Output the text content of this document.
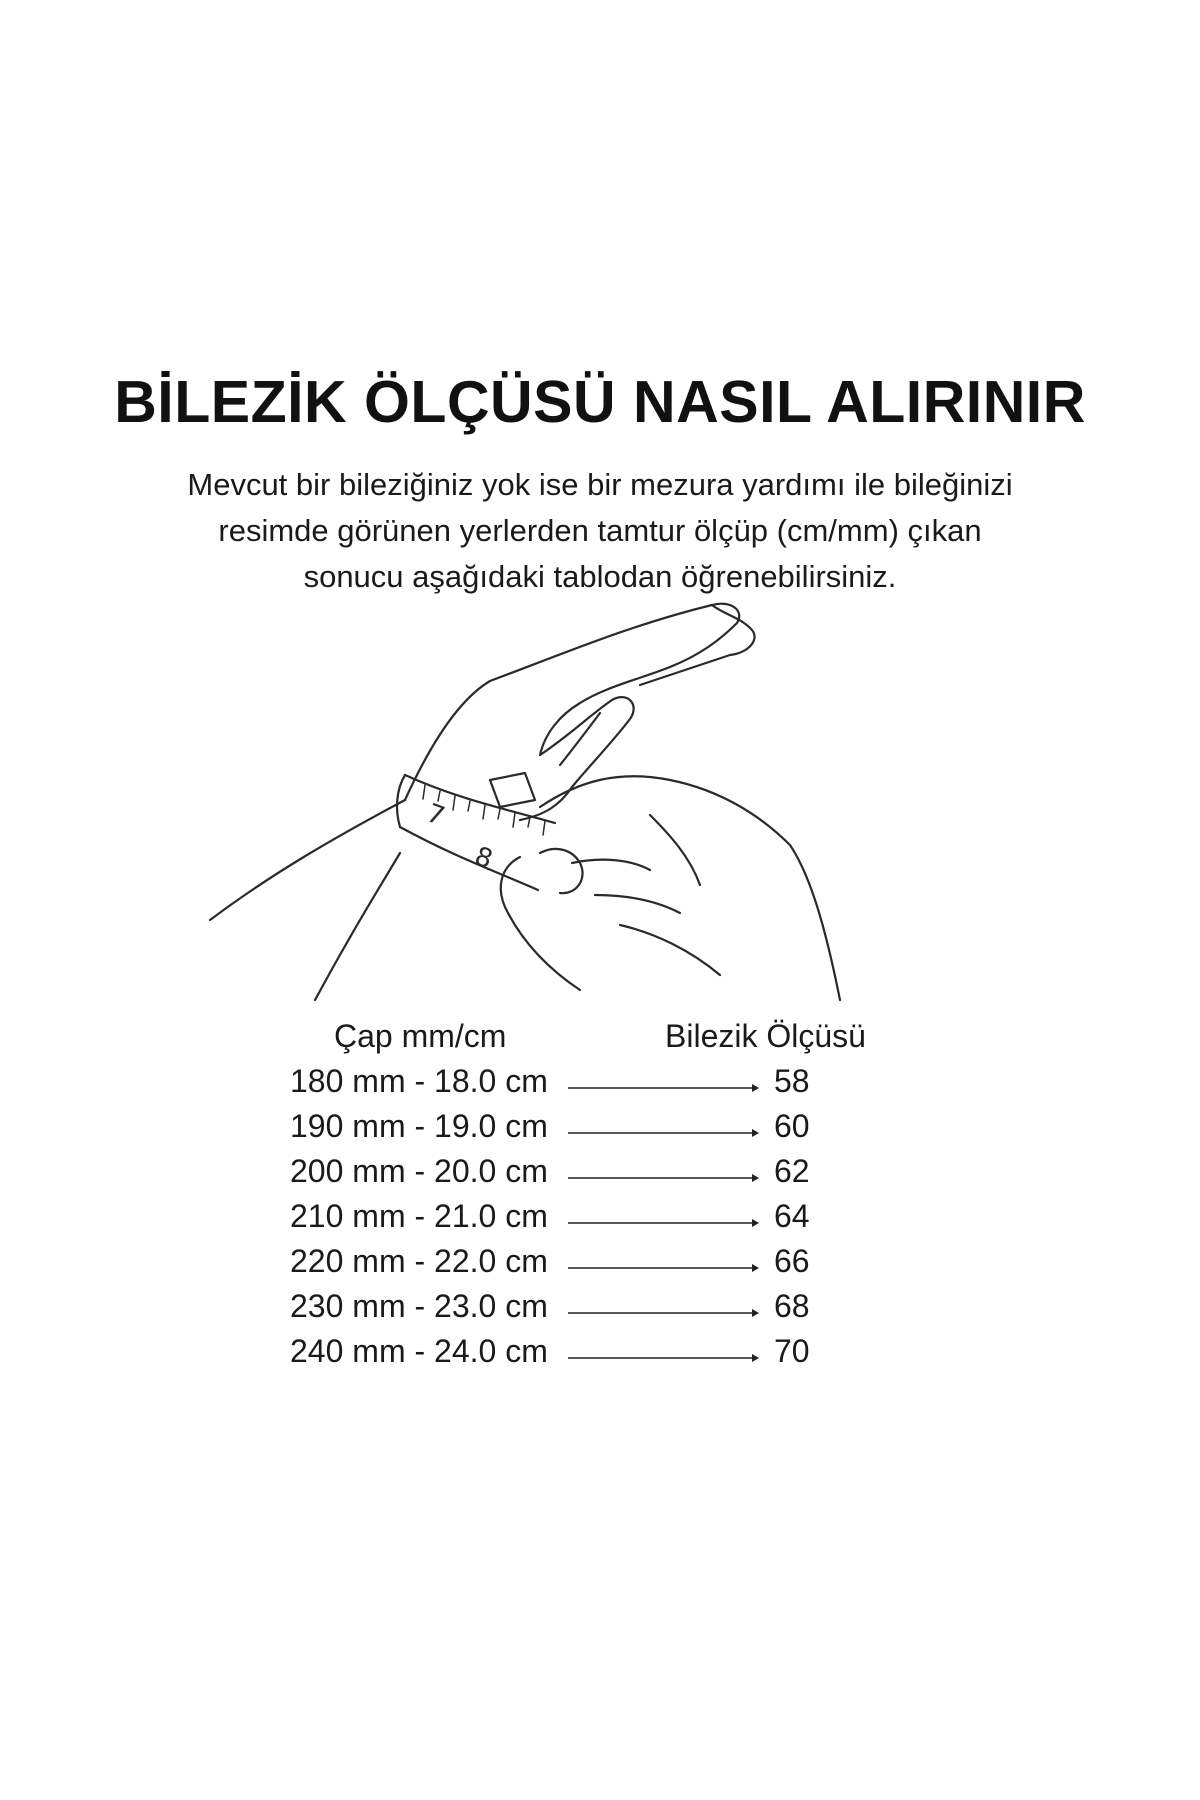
BİLEZİK ÖLÇÜSÜ NASIL ALIRINIR
Mevcut bir bileziğiniz yok ise bir mezura yardımı ile bileğinizi
resimde görünen yerlerden tamtur ölçüp (cm/mm) çıkan
sonucu aşağıdaki tablodan öğrenebilirsiniz.
7
8
Çap mm/cm	Bilezik Ölçüsü
180 mm - 18.0 cm	58
190 mm - 19.0 cm	60
200 mm - 20.0 cm	62
210 mm - 21.0 cm	64
220 mm - 22.0 cm	66
230 mm - 23.0 cm	68
240 mm - 24.0 cm	70
